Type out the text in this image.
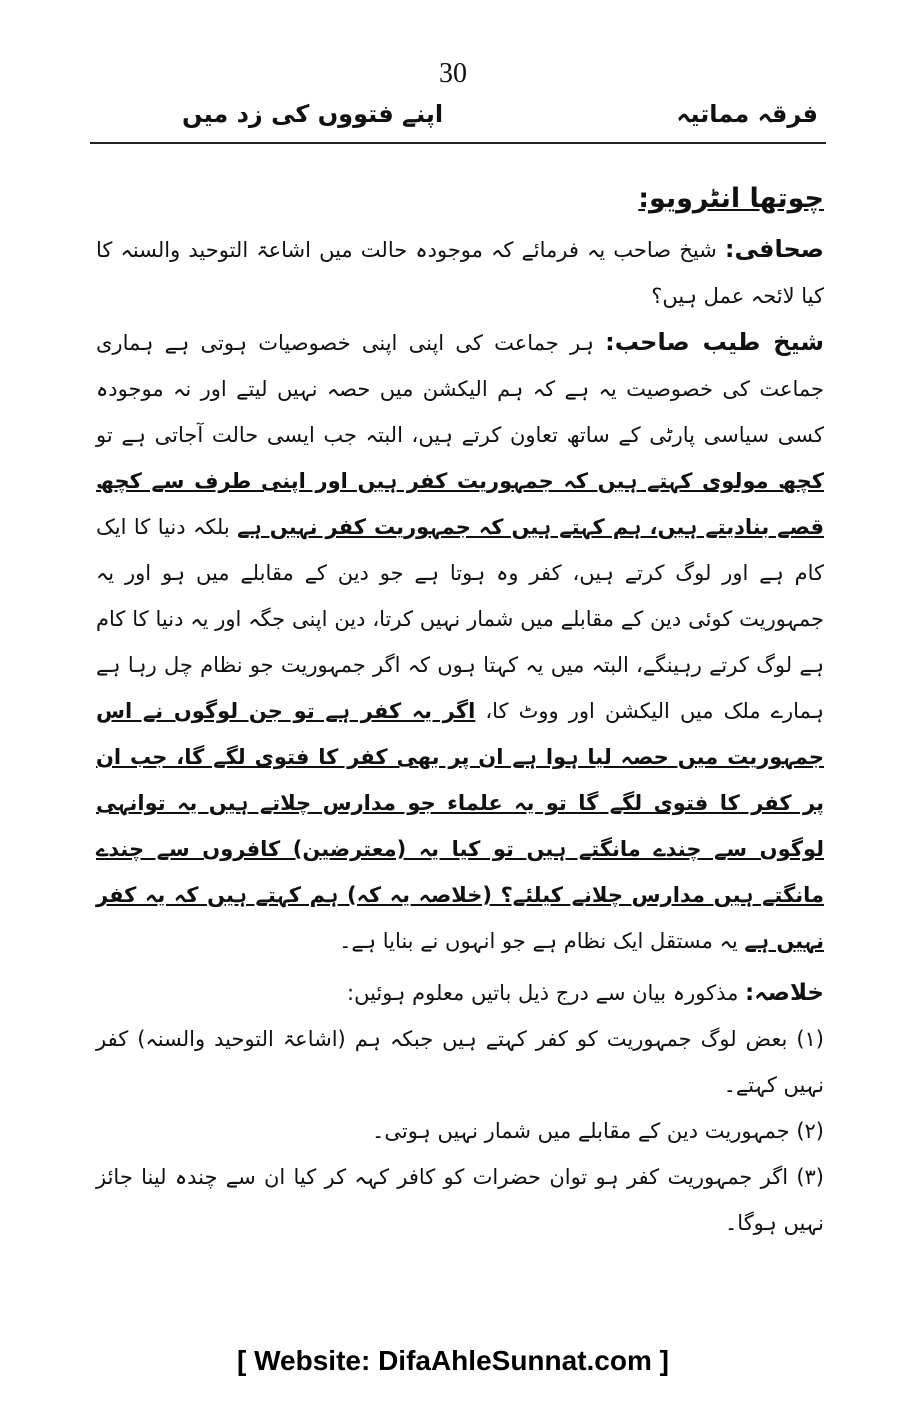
30
فرقہ مماتیہ
اپنے فتووں کی زد میں

چوتھا انٹرویو:

صحافی: شیخ صاحب یہ فرمائے کہ موجودہ حالت میں اشاعۃ التوحید والسنہ کا کیا لائحہ عمل ہیں؟

شیخ طیب صاحب: ہر جماعت کی اپنی اپنی خصوصیات ہوتی ہے ہماری جماعت کی خصوصیت یہ ہے کہ ہم الیکشن میں حصہ نہیں لیتے اور نہ موجودہ کسی سیاسی پارٹی کے ساتھ تعاون کرتے ہیں، البتہ جب ایسی حالت آجاتی ہے تو کچھ مولوی کہتے ہیں کہ جمہوریت کفر ہیں اور اپنی طرف سے کچھ قصے بنادیتے ہیں، ہم کہتے ہیں کہ جمہوریت کفر نہیں ہے بلکہ دنیا کا ایک کام ہے اور لوگ کرتے ہیں، کفر وہ ہوتا ہے جو دین کے مقابلے میں ہو اور یہ جمہوریت کوئی دین کے مقابلے میں شمار نہیں کرتا، دین اپنی جگہ اور یہ دنیا کا کام ہے لوگ کرتے رہینگے، البتہ میں یہ کہتا ہوں کہ اگر جمہوریت جو نظام چل رہا ہے ہمارے ملک میں الیکشن اور ووٹ کا، اگر یہ کفر ہے تو جن لوگوں نے اس جمہوریت میں حصہ لیا ہوا ہے ان پر بھی کفر کا فتوی لگے گا، جب ان پر کفر کا فتوی لگے گا تو یہ علماء جو مدارس چلاتے ہیں یہ توانہی لوگوں سے چندے مانگتے ہیں تو کیا یہ (معترضین) کافروں سے چندے مانگتے ہیں مدارس چلانے کیلئے؟ (خلاصہ یہ کہ) ہم کہتے ہیں کہ یہ کفر نہیں ہے یہ مستقل ایک نظام ہے جو انہوں نے بنایا ہے۔

خلاصہ: مذکورہ بیان سے درج ذیل باتیں معلوم ہوئیں:

(۱) بعض لوگ جمہوریت کو کفر کہتے ہیں جبکہ ہم (اشاعۃ التوحید والسنہ) کفر نہیں کہتے۔

(۲) جمہوریت دین کے مقابلے میں شمار نہیں ہوتی۔

(۳) اگر جمہوریت کفر ہو توان حضرات کو کافر کہہ کر کیا ان سے چندہ لینا جائز نہیں ہوگا۔

[ Website: DifaAhleSunnat.com ]
